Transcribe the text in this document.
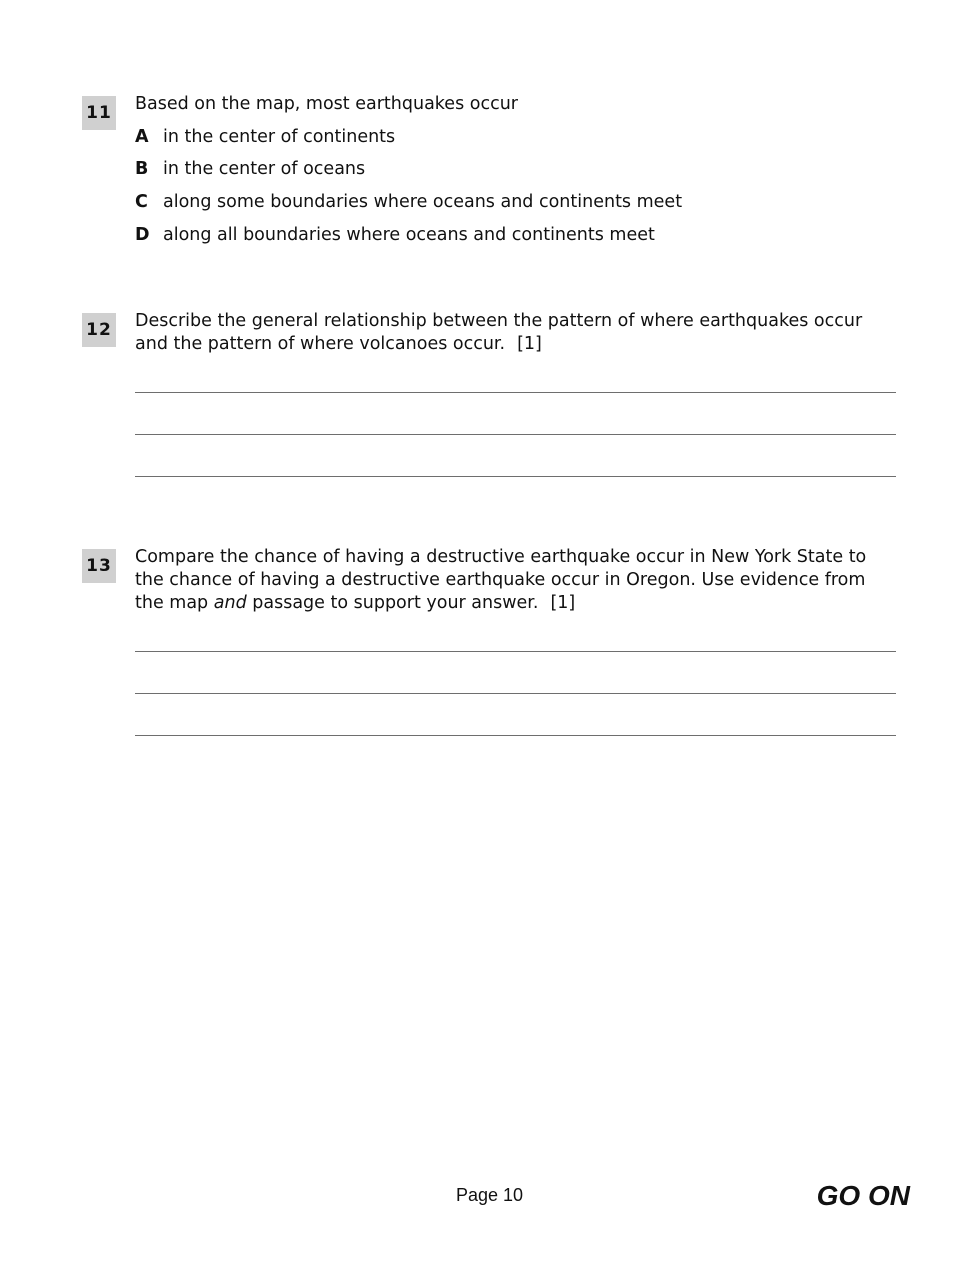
11 Based on the map, most earthquakes occur
A in the center of continents
B in the center of oceans
C along some boundaries where oceans and continents meet
D along all boundaries where oceans and continents meet
12 Describe the general relationship between the pattern of where earthquakes occur and the pattern of where volcanoes occur. [1]
13 Compare the chance of having a destructive earthquake occur in New York State to the chance of having a destructive earthquake occur in Oregon. Use evidence from the map and passage to support your answer. [1]
Page 10	GO ON
